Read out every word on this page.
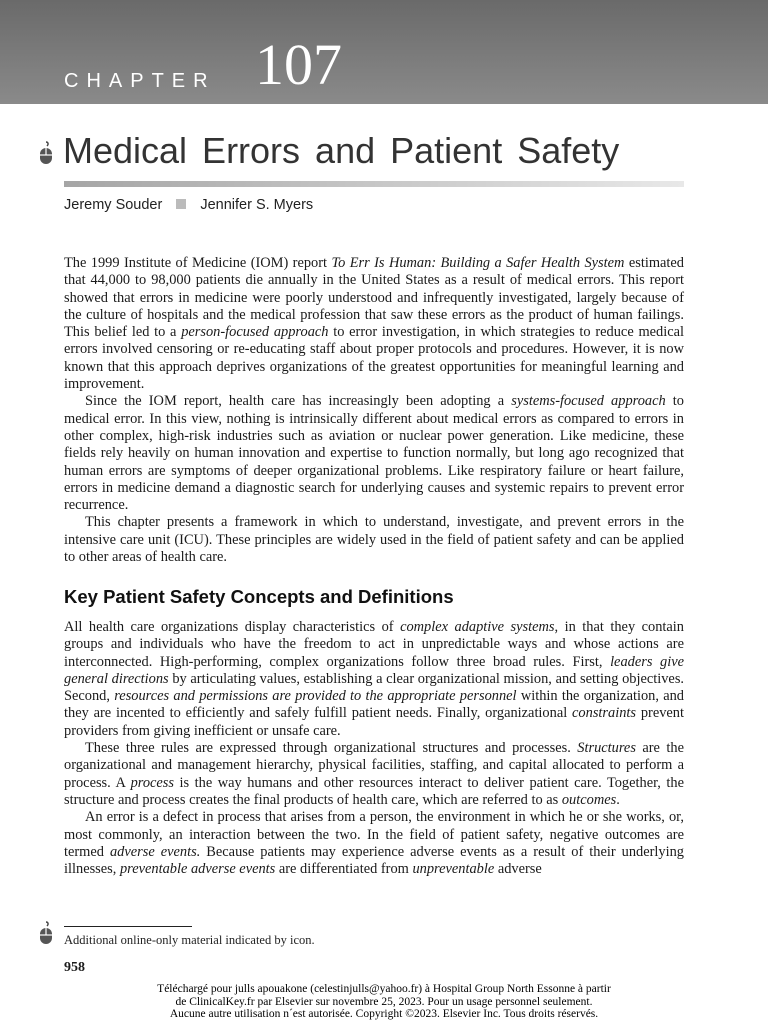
CHAPTER 107
Medical Errors and Patient Safety
Jeremy Souder	Jennifer S. Myers

The 1999 Institute of Medicine (IOM) report To Err Is Human: Building a Safer Health System estimated that 44,000 to 98,000 patients die annually in the United States as a result of medical errors. This report showed that errors in medicine were poorly understood and infrequently investigated, largely because of the culture of hospitals and the medical profession that saw these errors as the product of human failings. This belief led to a person-focused approach to error investigation, in which strategies to reduce medical errors involved censoring or re-educating staff about proper protocols and procedures. However, it is now known that this approach deprives organizations of the greatest opportunities for meaningful learning and improvement.

Since the IOM report, health care has increasingly been adopting a systems-focused approach to medical error. In this view, nothing is intrinsically different about medical errors as compared to errors in other complex, high-risk industries such as aviation or nuclear power generation. Like medicine, these fields rely heavily on human innovation and expertise to function normally, but long ago recognized that human errors are symptoms of deeper organizational problems. Like respiratory failure or heart failure, errors in medicine demand a diagnostic search for underlying causes and systemic repairs to prevent error recurrence.

This chapter presents a framework in which to understand, investigate, and prevent errors in the intensive care unit (ICU). These principles are widely used in the field of patient safety and can be applied to other areas of health care.

Key Patient Safety Concepts and Definitions

All health care organizations display characteristics of complex adaptive systems, in that they contain groups and individuals who have the freedom to act in unpredictable ways and whose actions are interconnected. High-performing, complex organizations follow three broad rules. First, leaders give general directions by articulating values, establishing a clear organizational mission, and setting objectives. Second, resources and permissions are provided to the appropriate personnel within the organization, and they are incented to efficiently and safely fulfill patient needs. Finally, organizational constraints prevent providers from giving inefficient or unsafe care.

These three rules are expressed through organizational structures and processes. Structures are the organizational and management hierarchy, physical facilities, staffing, and capital allocated to perform a process. A process is the way humans and other resources interact to deliver patient care. Together, the structure and process creates the final products of health care, which are referred to as outcomes.

An error is a defect in process that arises from a person, the environment in which he or she works, or, most commonly, an interaction between the two. In the field of patient safety, negative outcomes are termed adverse events. Because patients may experience adverse events as a result of their underlying illnesses, preventable adverse events are differentiated from unpreventable adverse

Additional online-only material indicated by icon.
958
Téléchargé pour julls apouakone (celestinjulls@yahoo.fr) à Hospital Group North Essonne à partir
de ClinicalKey.fr par Elsevier sur novembre 25, 2023. Pour un usage personnel seulement.
Aucune autre utilisation n´est autorisée. Copyright ©2023. Elsevier Inc. Tous droits réservés.
